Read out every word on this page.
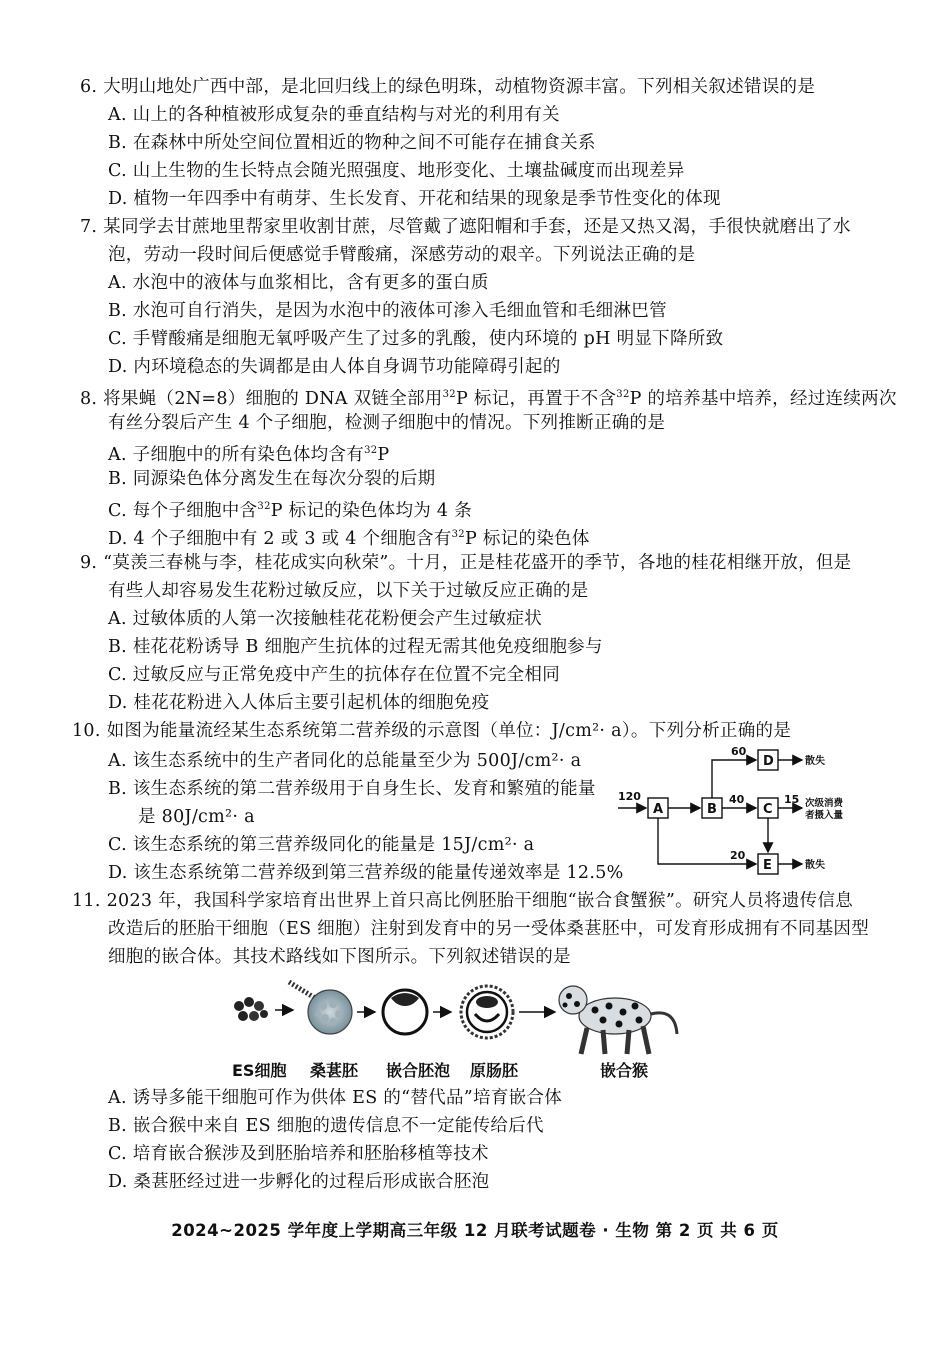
6. 大明山地处广西中部，是北回归线上的绿色明珠，动植物资源丰富。下列相关叙述错误的是
A. 山上的各种植被形成复杂的垂直结构与对光的利用有关
B. 在森林中所处空间位置相近的物种之间不可能存在捕食关系
C. 山上生物的生长特点会随光照强度、地形变化、土壤盐碱度而出现差异
D. 植物一年四季中有萌芽、生长发育、开花和结果的现象是季节性变化的体现
7. 某同学去甘蔗地里帮家里收割甘蔗，尽管戴了遮阳帽和手套，还是又热又渴，手很快就磨出了水
泡，劳动一段时间后便感觉手臂酸痛，深感劳动的艰辛。下列说法正确的是
A. 水泡中的液体与血浆相比，含有更多的蛋白质
B. 水泡可自行消失，是因为水泡中的液体可渗入毛细血管和毛细淋巴管
C. 手臂酸痛是细胞无氧呼吸产生了过多的乳酸，使内环境的 pH 明显下降所致
D. 内环境稳态的失调都是由人体自身调节功能障碍引起的
8. 将果蝇（2N=8）细胞的 DNA 双链全部用$^{32}$P 标记，再置于不含$^{32}$P 的培养基中培养，经过连续两次
有丝分裂后产生 4 个子细胞，检测子细胞中的情况。下列推断正确的是
A. 子细胞中的所有染色体均含有$^{32}$P
B. 同源染色体分离发生在每次分裂的后期
C. 每个子细胞中含$^{32}$P 标记的染色体均为 4 条
D. 4 个子细胞中有 2 或 3 或 4 个细胞含有$^{32}$P 标记的染色体
9. “莫羡三春桃与李，桂花成实向秋荣”。十月，正是桂花盛开的季节，各地的桂花相继开放，但是
有些人却容易发生花粉过敏反应，以下关于过敏反应正确的是
A. 过敏体质的人第一次接触桂花花粉便会产生过敏症状
B. 桂花花粉诱导 B 细胞产生抗体的过程无需其他免疫细胞参与
C. 过敏反应与正常免疫中产生的抗体存在位置不完全相同
D. 桂花花粉进入人体后主要引起机体的细胞免疫
10. 如图为能量流经某生态系统第二营养级的示意图（单位：J/cm²· a）。下列分析正确的是
A. 该生态系统中的生产者同化的总能量至少为 500J/cm²· a
B. 该生态系统的第二营养级用于自身生长、发育和繁殖的能量
是 80J/cm²· a
C. 该生态系统的第三营养级同化的能量是 15J/cm²· a
D. 该生态系统第二营养级到第三营养级的能量传递效率是 12.5%
120
A	B
60
D	散失
40
C
15 次级消费
者摄入量
20
E	散失
11. 2023 年，我国科学家培育出世界上首只高比例胚胎干细胞“嵌合食蟹猴”。研究人员将遗传信息
改造后的胚胎干细胞（ES 细胞）注射到发育中的另一受体桑葚胚中，可发育形成拥有不同基因型
细胞的嵌合体。其技术路线如下图所示。下列叙述错误的是
ES细胞 桑葚胚 嵌合胚泡 原肠胚	嵌合猴
A. 诱导多能干细胞可作为供体 ES 的“替代品”培育嵌合体
B. 嵌合猴中来自 ES 细胞的遗传信息不一定能传给后代
C. 培育嵌合猴涉及到胚胎培养和胚胎移植等技术
D. 桑葚胚经过进一步孵化的过程后形成嵌合胚泡
2024~2025 学年度上学期高三年级 12 月联考试题卷 · 生物 第 2 页 共 6 页
